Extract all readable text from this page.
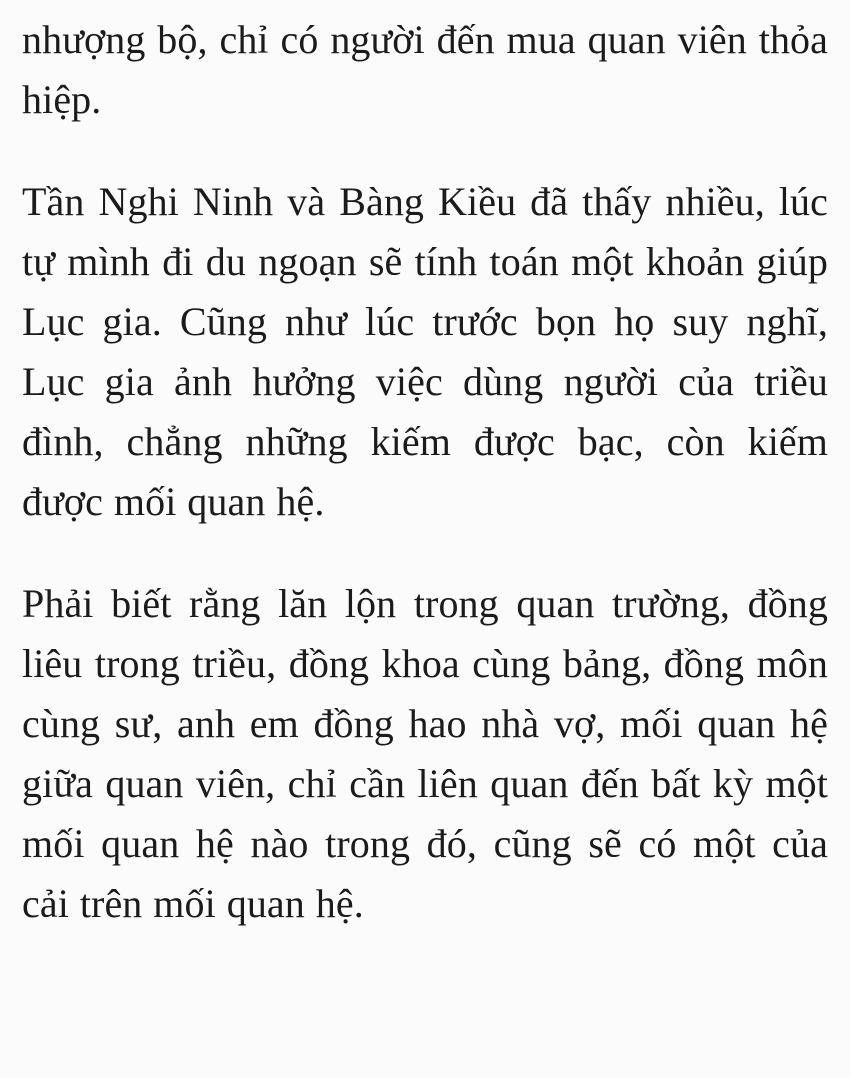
nhượng bộ, chỉ có người đến mua quan viên thỏa hiệp.

Tần Nghi Ninh và Bàng Kiều đã thấy nhiều, lúc tự mình đi du ngoạn sẽ tính toán một khoản giúp Lục gia. Cũng như lúc trước bọn họ suy nghĩ, Lục gia ảnh hưởng việc dùng người của triều đình, chẳng những kiếm được bạc, còn kiếm được mối quan hệ.

Phải biết rằng lăn lộn trong quan trường, đồng liêu trong triều, đồng khoa cùng bảng, đồng môn cùng sư, anh em đồng hao nhà vợ, mối quan hệ giữa quan viên, chỉ cần liên quan đến bất kỳ một mối quan hệ nào trong đó, cũng sẽ có một của cải trên mối quan hệ.
